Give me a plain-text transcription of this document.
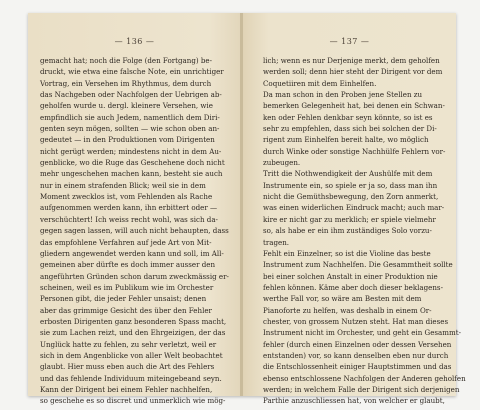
— 136 —
gemacht hat; noch die Folge (den Fortgang) be-
druckt, wie etwa eine falsche Note, ein unrichtiger
Vortrag, ein Versehen im Rhythmus, dem durch
das Nachgeben oder Nachfolgen der Uebrigen ab-
geholfen wurde u. dergl. kleinere Versehen, wie
empfindlich sie auch Jedem, namentlich dem Diri-
genten seyn mögen, sollten — wie schon oben an-
gedeutet — in den Produktionen vom Dirigenten
nicht gerügt werden; mindestens nicht in dem Au-
genblicke, wo die Ruge das Geschehene doch nicht
mehr ungeschehen machen kann, besteht sie auch
nur in einem strafenden Blick; weil sie in dem
Moment zwecklos ist, vom Fehlenden als Rache
aufgenommen werden kann, ihn erbittert oder —
verschüchtert! Ich weiss recht wohl, was sich da-
gegen sagen lassen, will auch nicht behaupten, dass
das empfohlene Verfahren auf jede Art von Mit-
gliedern angewendet werden kann und soll, im All-
gemeinen aber dürfte es doch immer ausser den
angeführten Gründen schon darum zweckmässig er-
scheinen, weil es im Publikum wie im Orchester
Personen gibt, die jeder Fehler unsaist; denen
aber das grimmige Gesicht des über den Fehler
erbosten Dirigenten ganz besonderen Spass macht,
sie zum Lachen reizt, und den Ehrgeizigen, der das
Unglück hatte zu fehlen, zu sehr verletzt, weil er
sich in dem Angenblicke von aller Welt beobachtet
glaubt. Hier muss eben auch die Art des Fehlers
und das fehlende Individuum miteingebeand seyn.
Kann der Dirigent bei einem Fehler nachhelfen,
so geschehe es so discret und unmerklich wie mög-
— 137 —
lich; wenn es nur Derjenige merkt, dem geholfen
werden soll; denn hier steht der Dirigent vor dem
Coquetiiren mit dem Einhelfen.
Da man schon in den Proben jene Stellen zu
bemerken Gelegenheit hat, bei denen ein Schwan-
ken oder Fehlen denkbar seyn könnte, so ist es
sehr zu empfehlen, dass sich bei solchen der Di-
rigent zum Einhelfen bereit halte, wo möglich
durch Winke oder sonstige Nachhülfe Fehlern vor-
zubeugen.
Tritt die Nothwendigkeit der Aushülfe mit dem
Instrumente ein, so spiele er ja so, dass man ihn
nicht die Gemüthsbewegung, den Zorn anmerkt,
was einen widerlichen Eindruck macht; auch mar-
kire er nicht gar zu merklich; er spiele vielmehr
so, als habe er ein ihm zuständiges Solo vorzu-
tragen.
Fehlt ein Einzelner, so ist die Violine das beste
Instrument zum Nachhelfen. Die Gesammtheit sollte
bei einer solchen Anstalt in einer Produktion nie
fehlen können. Käme aber doch dieser beklagens-
werthe Fall vor, so wäre am Besten mit dem
Pianoforte zu helfen, was deshalb in einem Or-
chester, von grossem Nutzen steht. Hat man dieses
Instrument nicht im Orchester, und geht ein Gesammt-
fehler (durch einen Einzelnen oder dessen Versehen
entstanden) vor, so kann denselben eben nur durch
die Entschlossenheit einiger Hauptstimmen und das
ebenso entschlossene Nachfolgen der Anderen geholfen
werden; in welchem Falle der Dirigent sich derjenigen
Parthie anzuschliessen hat, von welcher er glaubt,
